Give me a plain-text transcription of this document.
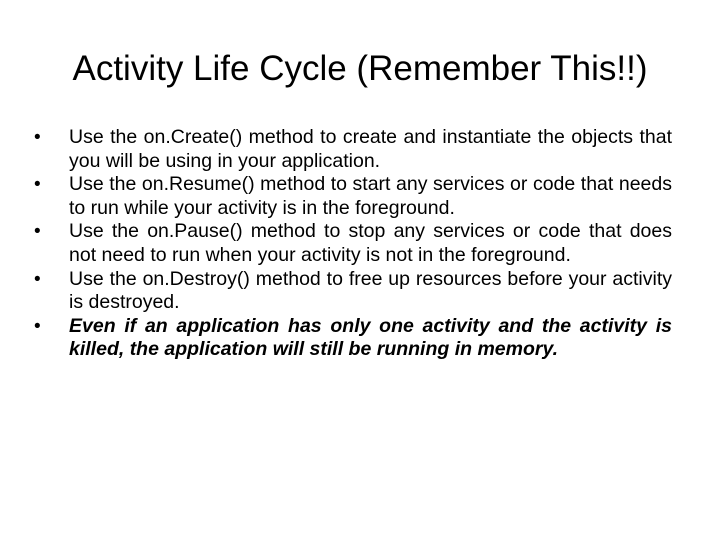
Activity Life Cycle (Remember This!!)
•	Use the on.Create() method to create and instantiate the objects that you will be using in your application.
•	Use the on.Resume() method to start any services or code that needs to run while your activity is in the foreground.
•	Use the on.Pause() method to stop any services or code that does not need to run when your activity is not in the foreground.
•	Use the on.Destroy() method to free up resources before your activity is destroyed.
•	Even if an application has only one activity and the activity is killed, the application will still be running in memory.
